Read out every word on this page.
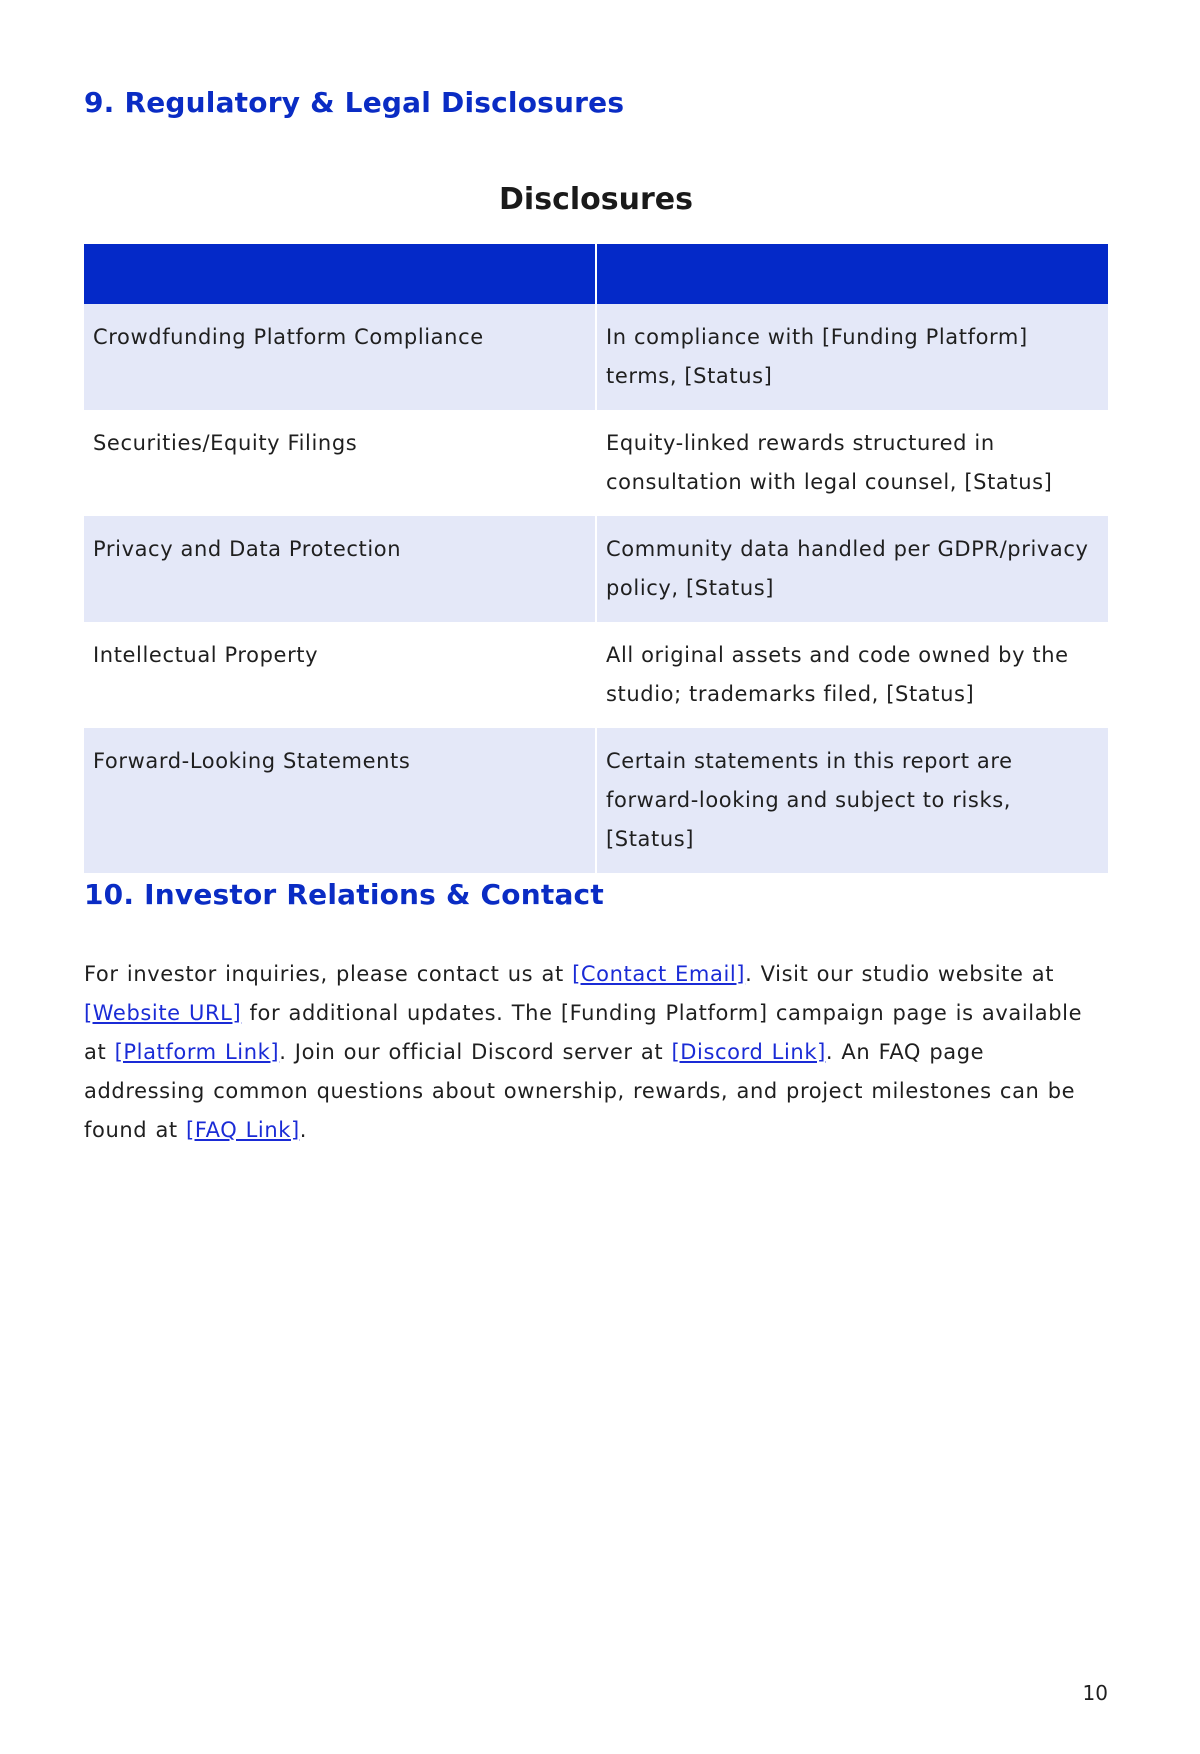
9. Regulatory & Legal Disclosures
Disclosures

Crowdfunding Platform Compliance	In compliance with [Funding Platform] terms, [Status]
Securities/Equity Filings	Equity-linked rewards structured in consultation with legal counsel, [Status]
Privacy and Data Protection	Community data handled per GDPR/privacy policy, [Status]
Intellectual Property	All original assets and code owned by the studio; trademarks filed, [Status]
Forward-Looking Statements	Certain statements in this report are forward-looking and subject to risks, [Status]
10. Investor Relations & Contact

For investor inquiries, please contact us at [Contact Email]. Visit our studio website at [Website URL] for additional updates. The [Funding Platform] campaign page is available at [Platform Link]. Join our official Discord server at [Discord Link]. An FAQ page addressing common questions about ownership, rewards, and project milestones can be found at [FAQ Link].

10
